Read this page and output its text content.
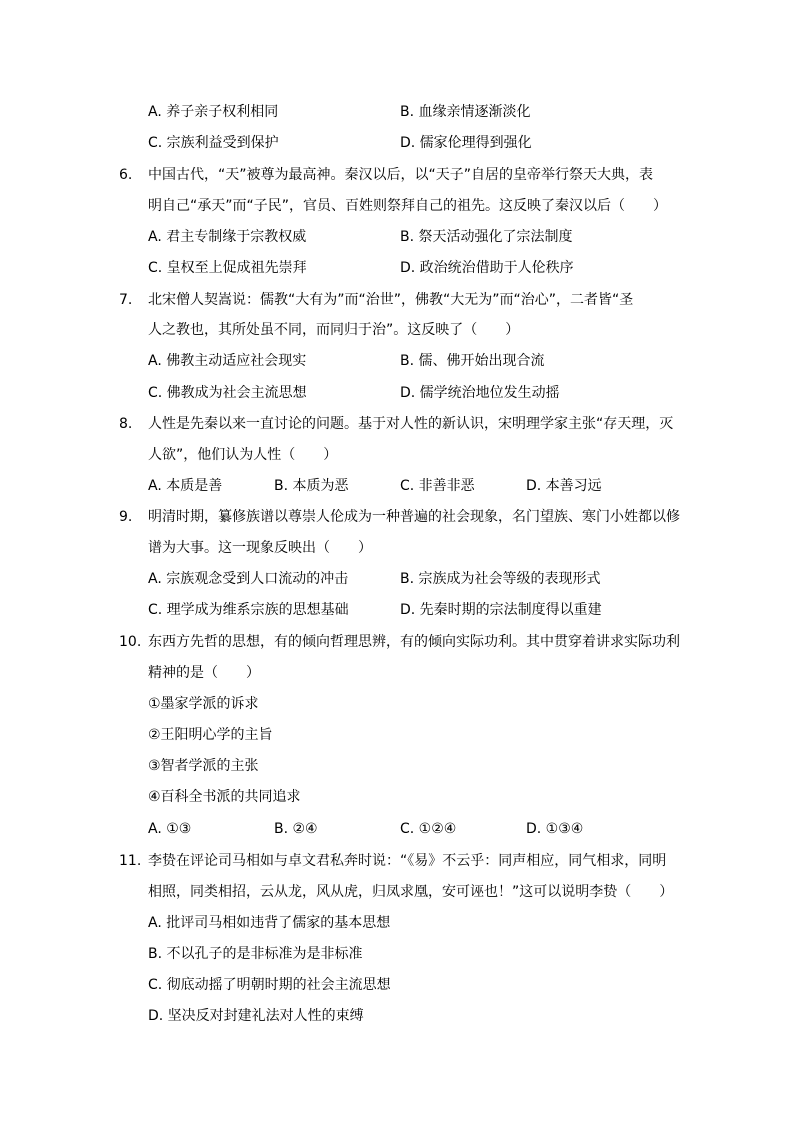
A. 养子亲子权利相同	B. 血缘亲情逐渐淡化
C. 宗族利益受到保护	D. 儒家伦理得到强化
6. 中国古代，“天”被尊为最高神。秦汉以后，以“天子”自居的皇帝举行祭天大典，表
明自己“承天”而“子民”，官员、百姓则祭拜自己的祖先。这反映了秦汉以后（　　）
A. 君主专制缘于宗教权威	B. 祭天活动强化了宗法制度
C. 皇权至上促成祖先崇拜	D. 政治统治借助于人伦秩序
7. 北宋僧人契嵩说：儒教“大有为”而“治世”，佛教“大无为”而“治心”，二者皆“圣
人之教也，其所处虽不同，而同归于治”。这反映了（　　）
A. 佛教主动适应社会现实	B. 儒、佛开始出现合流
C. 佛教成为社会主流思想	D. 儒学统治地位发生动摇
8. 人性是先秦以来一直讨论的问题。基于对人性的新认识，宋明理学家主张“存天理，灭
人欲”，他们认为人性（　　）
A. 本质是善	B. 本质为恶	C. 非善非恶	D. 本善习远
9. 明清时期，纂修族谱以尊崇人伦成为一种普遍的社会现象，名门望族、寒门小姓都以修
谱为大事。这一现象反映出（　　）
A. 宗族观念受到人口流动的冲击	B. 宗族成为社会等级的表现形式
C. 理学成为维系宗族的思想基础	D. 先秦时期的宗法制度得以重建
10. 东西方先哲的思想，有的倾向哲理思辨，有的倾向实际功利。其中贯穿着讲求实际功利
精神的是（　　）
①墨家学派的诉求
②王阳明心学的主旨
③智者学派的主张
④百科全书派的共同追求
A. ①③	B. ②④	C. ①②④	D. ①③④
11. 李贽在评论司马相如与卓文君私奔时说：“《易》不云乎：同声相应，同气相求，同明
相照，同类相招，云从龙，风从虎，归凤求凰，安可诬也！”这可以说明李贽（　　）
A. 批评司马相如违背了儒家的基本思想
B. 不以孔子的是非标准为是非标准
C. 彻底动摇了明朝时期的社会主流思想
D. 坚决反对封建礼法对人性的束缚
